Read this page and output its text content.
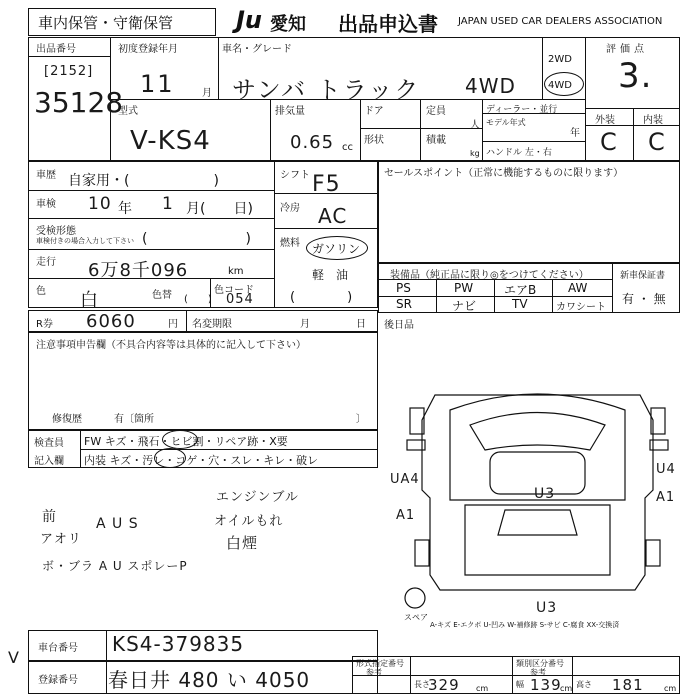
車内保管・守衛保管	Ju 愛知 出品申込書 JAPAN USED CAR DEALERS ASSOCIATION
出品番号
[2152]
35128
初度登録年月
11	月
車名・グレード
サンバ トラック 4WD
2WD
4WD
評価点
3.
外装	内装
C C
型式
V-KS4
排気量
0.65 cc
ドア
形状
定員
人
積載
kg
ディーラー・並行
モデル年式
年
ハンドル 左・右
車歴 自家用・(　　　　　　)
車検 10 年 1 月(　　日)
受検形態
車検付きの場合入力して下さい (　　　　　　　)
走行 6万8千096	km
色 白	色替 (　　)
色コード
054
シフト F5
冷房 AC
燃料 ガソリン
軽　油
(　　　　)
セールスポイント（正常に機能するものに限ります）
装備品（純正品に限り◎をつけてください）
PS	PW	エアB	AW
SR	ナビ	TV	カワシート
新車保証書
有 ・ 無
R券 6060	円 名変期限	月	日 後日品
注意事項申告欄（不具合内容等は具体的に記入して下さい）
修復歴	有〔箇所	〕
検査員
記入欄
FW キズ・飛石・ヒビ割・リペア跡・X要
内装 キズ・汚レ・コゲ・穴・スレ・キレ・破レ
エンジンブル
オイルもれ
白煙
前
アオリ
A U S
ボ・ブラ A U スポレーP
スペア
A-キズ E-エクボ U-凹み W-補修跡 S-サビ C-腐食 XX-交換済
U3
U3
UA4
A1
U4
A1
車台番号 KS4-379835
登録番号 春日井 480 い 4050
V	形式指定番号
参考
類別区分番号
参考
長さ
329 cm	幅 139
cm 高さ 181	cm
